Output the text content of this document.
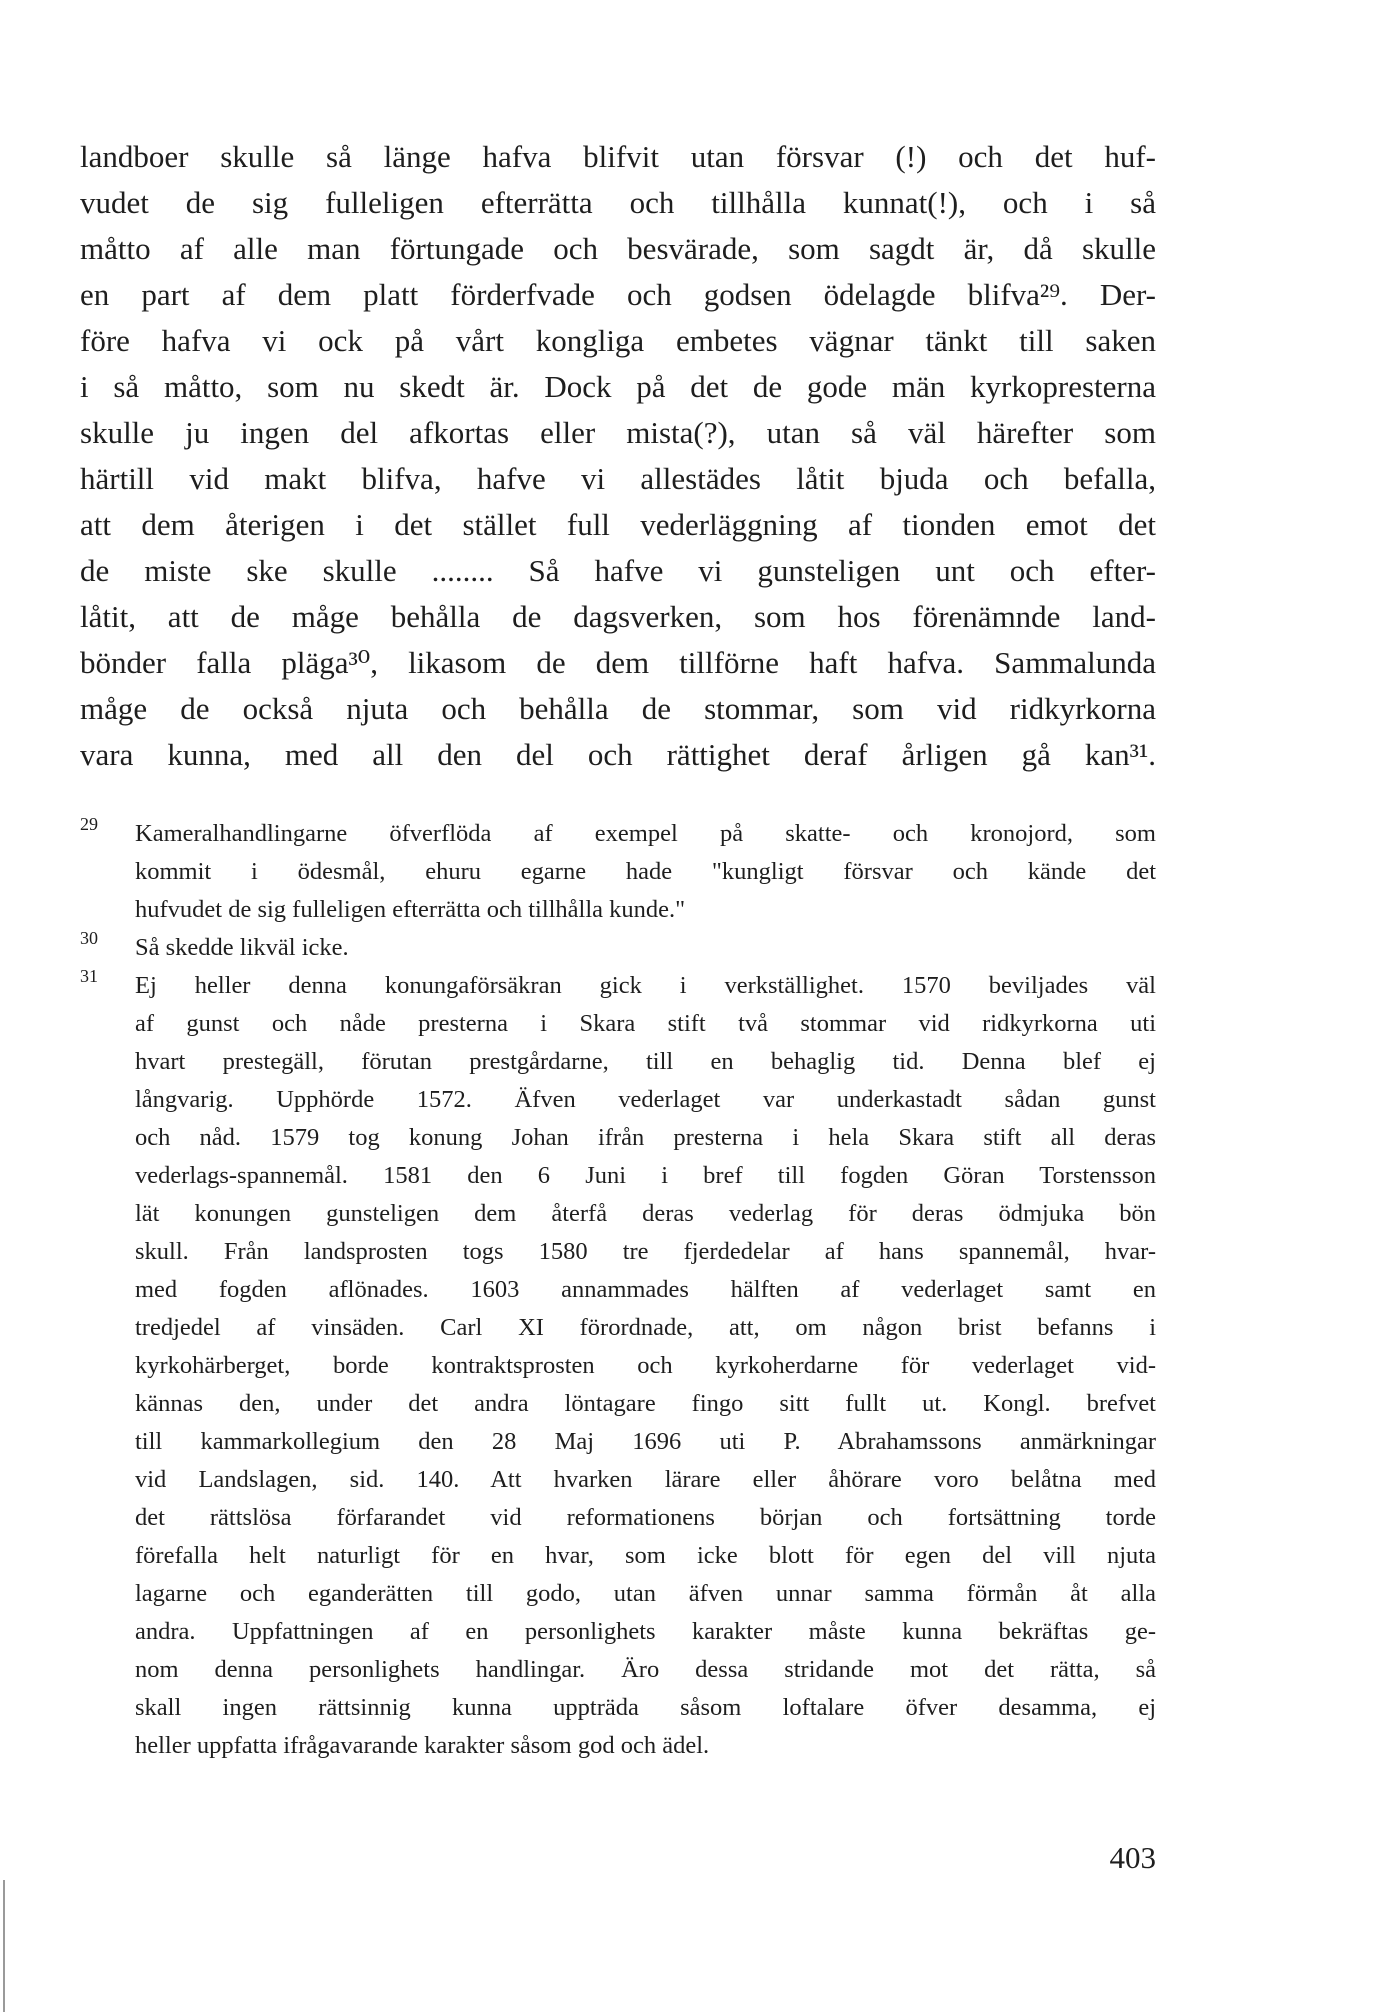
landboer skulle så länge hafva blifvit utan försvar (!) och det huf-
vudet de sig fulleligen efterrätta och tillhålla kunnat(!), och i så
måtto af alle man förtungade och besvärade, som sagdt är, då skulle
en part af dem platt förderfvade och godsen ödelagde blifva²⁹. Der-
före hafva vi ock på vårt kongliga embetes vägnar tänkt till saken
i så måtto, som nu skedt är. Dock på det de gode män kyrkopresterna
skulle ju ingen del afkortas eller mista(?), utan så väl härefter som
härtill vid makt blifva, hafve vi allestädes låtit bjuda och befalla,
att dem återigen i det stället full vederläggning af tionden emot det
de miste ske skulle ........ Så hafve vi gunsteligen unt och efter-
låtit, att de måge behålla de dagsverken, som hos förenämnde land-
bönder falla pläga³⁰, likasom de dem tillförne haft hafva. Sammalunda
måge de också njuta och behålla de stommar, som vid ridkyrkorna
vara kunna, med all den del och rättighet deraf årligen gå kan³¹.
29 Kameralhandlingarne öfverflöda af exempel på skatte- och kronojord, som
kommit i ödesmål, ehuru egarne hade "kungligt försvar och kände det
hufvudet de sig fulleligen efterrätta och tillhålla kunde."
30 Så skedde likväl icke.
31 Ej heller denna konungaförsäkran gick i verkställighet. 1570 beviljades väl
af gunst och nåde presterna i Skara stift två stommar vid ridkyrkorna uti
hvart prestegäll, förutan prestgårdarne, till en behaglig tid. Denna blef ej
långvarig. Upphörde 1572. Äfven vederlaget var underkastadt sådan gunst
och nåd. 1579 tog konung Johan ifrån presterna i hela Skara stift all deras
vederlags-spannemål. 1581 den 6 Juni i bref till fogden Göran Torstensson
lät konungen gunsteligen dem återfå deras vederlag för deras ödmjuka bön
skull. Från landsprosten togs 1580 tre fjerdedelar af hans spannemål, hvar-
med fogden aflönades. 1603 annammades hälften af vederlaget samt en
tredjedel af vinsäden. Carl XI förordnade, att, om någon brist befanns i
kyrkohärberget, borde kontraktsprosten och kyrkoherdarne för vederlaget vid-
kännas den, under det andra löntagare fingo sitt fullt ut. Kongl. brefvet
till kammarkollegium den 28 Maj 1696 uti P. Abrahamssons anmärkningar
vid Landslagen, sid. 140. Att hvarken lärare eller åhörare voro belåtna med
det rättslösa förfarandet vid reformationens början och fortsättning torde
förefalla helt naturligt för en hvar, som icke blott för egen del vill njuta
lagarne och eganderätten till godo, utan äfven unnar samma förmån åt alla
andra. Uppfattningen af en personlighets karakter måste kunna bekräftas ge-
nom denna personlighets handlingar. Äro dessa stridande mot det rätta, så
skall ingen rättsinnig kunna uppträda såsom loftalare öfver desamma, ej
heller uppfatta ifrågavarande karakter såsom god och ädel.
403
